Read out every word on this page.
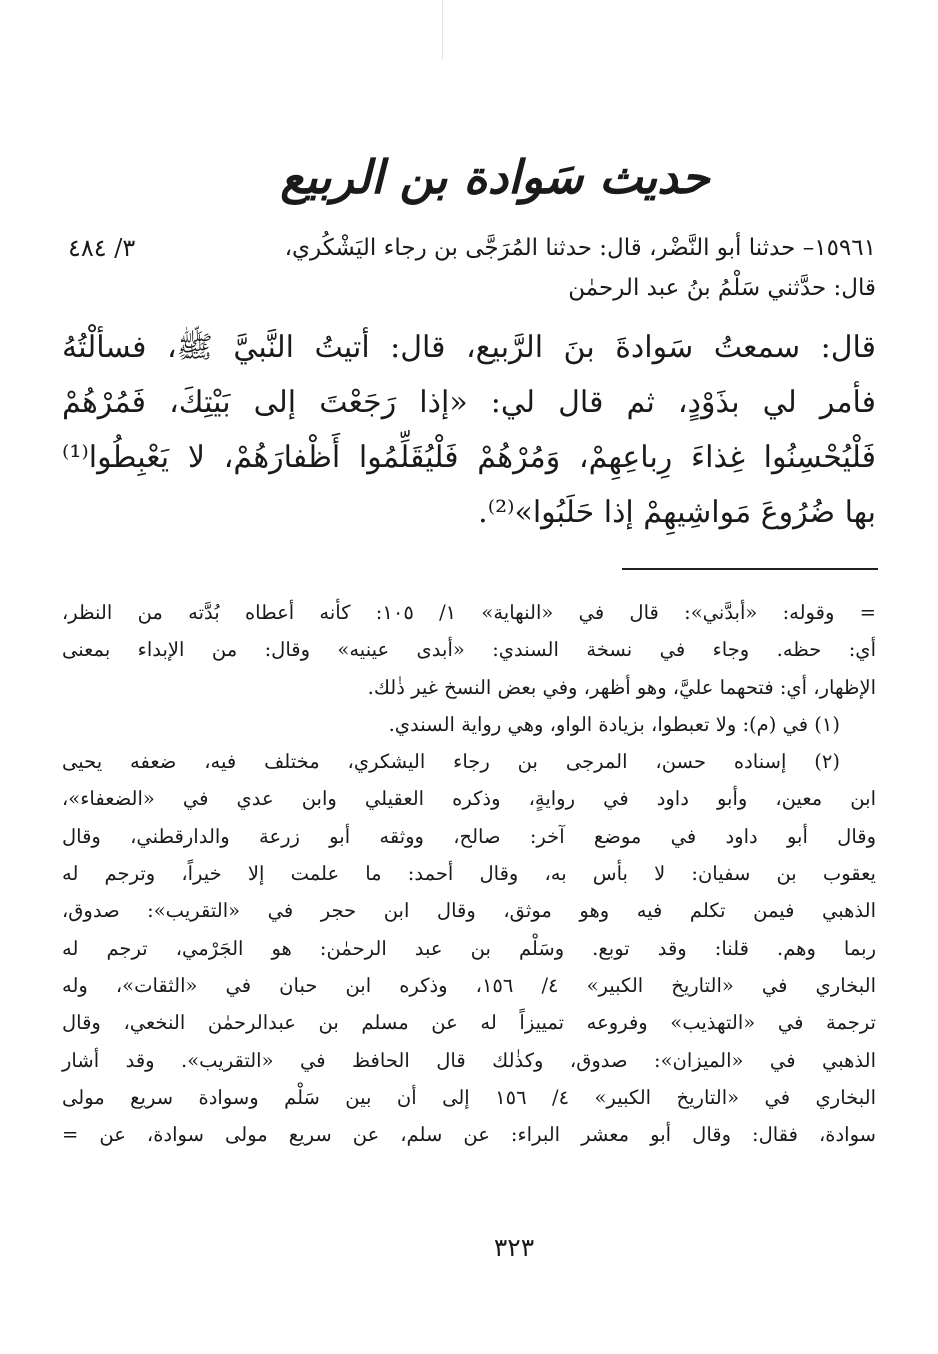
حديث سَوادة بن الربيع
٣/ ٤٨٤	١٥٩٦١– حدثنا أبو النَّضْر، قال: حدثنا المُرَجَّى بن رجاء اليَشْكُري،
قال: حدَّثني سَلْمُ بنُ عبد الرحمٰن
قال: سمعتُ سَوادةَ بنَ الرَّبيع، قال: أتيتُ النَّبيَّ ﷺ، فسألْتُهُ
فأمر لي بذَوْدٍ، ثم قال لي: «إذا رَجَعْتَ إلى بَيْتِكَ، فَمُرْهُمْ
فَلْيُحْسِنُوا غِذاءَ رِباعِهِمْ، وَمُرْهُمْ فَلْيُقَلِّمُوا أَظْفارَهُمْ، لا يَعْبِطُوا⁽¹⁾
بها ضُرُوعَ مَواشِيهِمْ إذا حَلَبُوا»⁽²⁾.
= وقوله: «أبدَّني»: قال في «النهاية» ١/ ١٠٥: كأنه أعطاه بُدَّته من النظر،
أي: حظه. وجاء في نسخة السندي: «أبدى عينيه» وقال: من الإبداء بمعنى
الإظهار، أي: فتحهما عليَّ، وهو أظهر، وفي بعض النسخ غير ذٰلك.
(١) في (م): ولا تعبطوا، بزيادة الواو، وهي رواية السندي.
(٢) إسناده حسن، المرجى بن رجاء اليشكري، مختلف فيه، ضعفه يحيى
ابن معين، وأبو داود في روايةٍ، وذكره العقيلي وابن عدي في «الضعفاء»،
وقال أبو داود في موضع آخر: صالح، ووثقه أبو زرعة والدارقطني، وقال
يعقوب بن سفيان: لا بأس به، وقال أحمد: ما علمت إلا خيراً، وترجم له
الذهبي فيمن تكلم فيه وهو موثق، وقال ابن حجر في «التقريب»: صدوق،
ربما وهم. قلنا: وقد توبع. وسَلْم بن عبد الرحمٰن: هو الجَرْمي، ترجم له
البخاري في «التاريخ الكبير» ٤/ ١٥٦، وذكره ابن حبان في «الثقات»، وله
ترجمة في «التهذيب» وفروعه تمييزاً له عن مسلم بن عبدالرحمٰن النخعي، وقال
الذهبي في «الميزان»: صدوق، وكذٰلك قال الحافظ في «التقريب». وقد أشار
البخاري في «التاريخ الكبير» ٤/ ١٥٦ إلى أن بين سَلْم وسوادة سريع مولى
سوادة، فقال: وقال أبو معشر البراء: عن سلم، عن سريع مولى سوادة، عن =
٣٢٣
